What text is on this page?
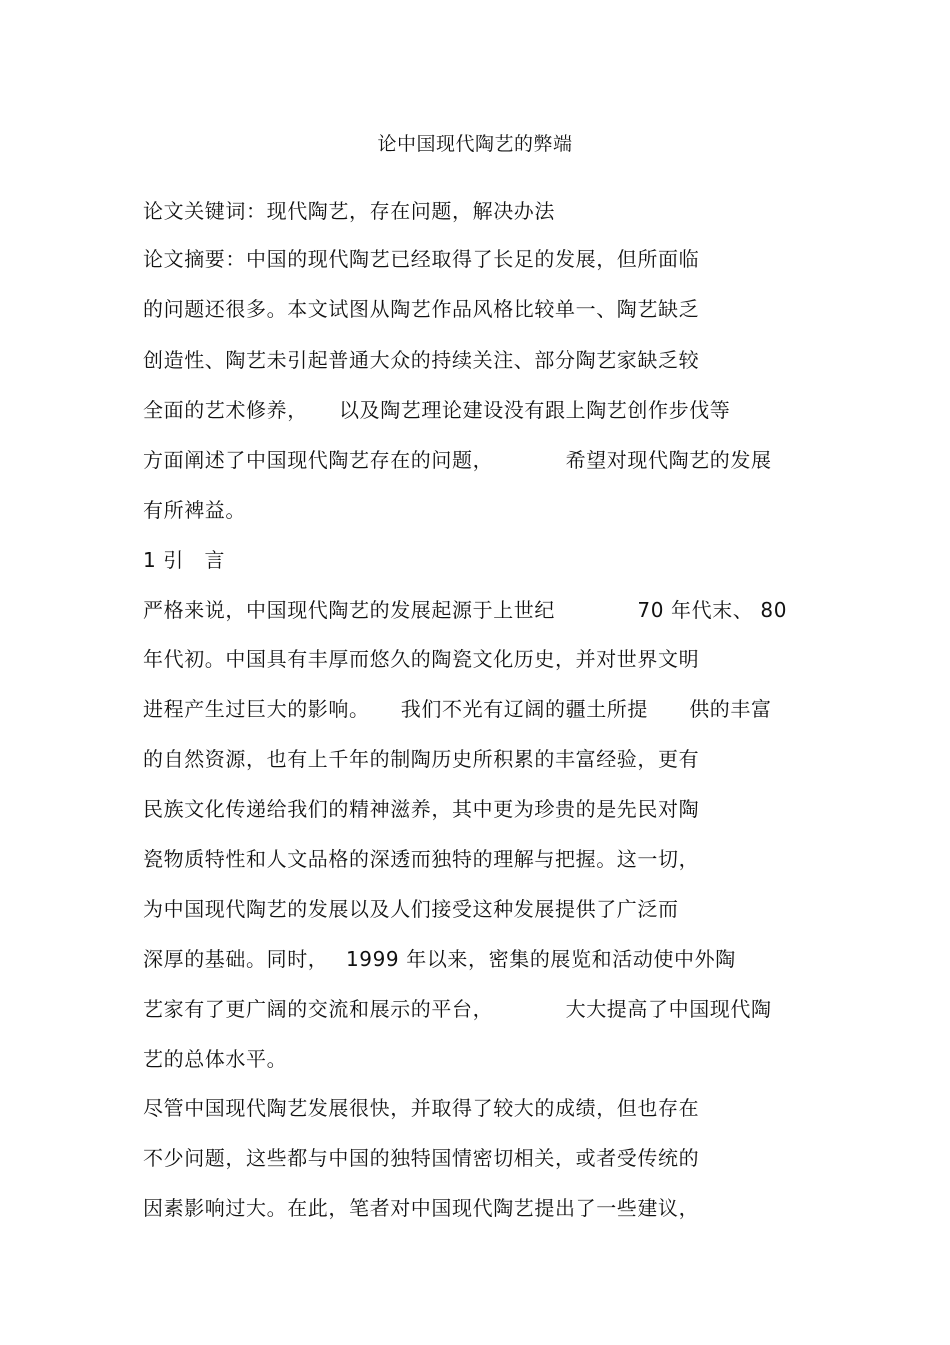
论中国现代陶艺的弊端
论文关键词：现代陶艺，存在问题，解决办法
论文摘要：中国的现代陶艺已经取得了长足的发展，但所面临
的问题还很多。本文试图从陶艺作品风格比较单一、陶艺缺乏
创造性、陶艺未引起普通大众的持续关注、部分陶艺家缺乏较
全面的艺术修养，　　以及陶艺理论建设没有跟上陶艺创作步伐等
方面阐述了中国现代陶艺存在的问题，　　　　希望对现代陶艺的发展
有所裨益。
1 引　言
严格来说，中国现代陶艺的发展起源于上世纪　　　　70 年代末、 80
年代初。中国具有丰厚而悠久的陶瓷文化历史，并对世界文明
进程产生过巨大的影响。　　我们不光有辽阔的疆土所提　　供的丰富
的自然资源，也有上千年的制陶历史所积累的丰富经验，更有
民族文化传递给我们的精神滋养，其中更为珍贵的是先民对陶
瓷物质特性和人文品格的深透而独特的理解与把握。这一切，
为中国现代陶艺的发展以及人们接受这种发展提供了广泛而
深厚的基础。同时，　 1999 年以来，密集的展览和活动使中外陶
艺家有了更广阔的交流和展示的平台，　　　　大大提高了中国现代陶
艺的总体水平。
尽管中国现代陶艺发展很快，并取得了较大的成绩，但也存在
不少问题，这些都与中国的独特国情密切相关，或者受传统的
因素影响过大。在此，笔者对中国现代陶艺提出了一些建议，
